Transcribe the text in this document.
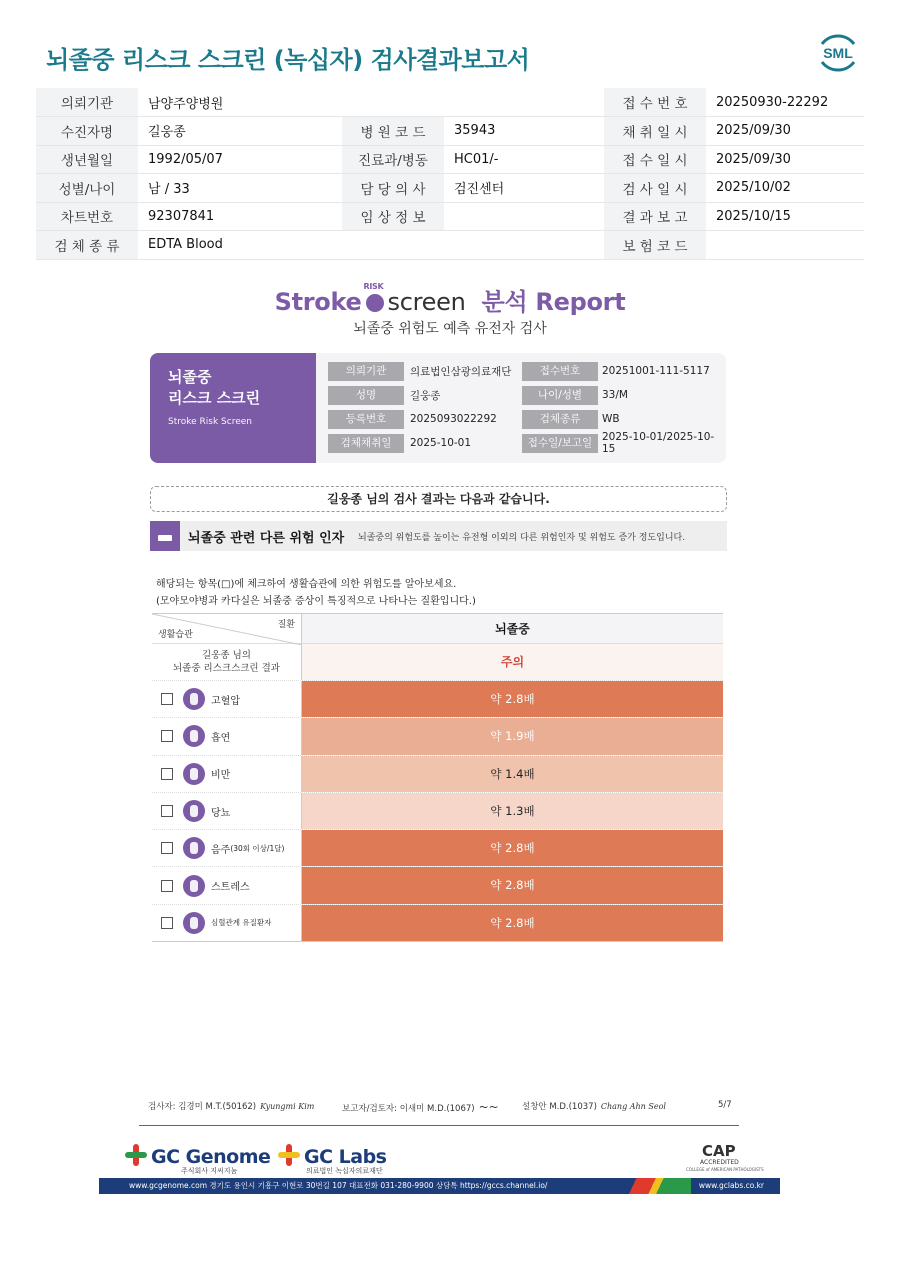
뇌졸중 리스크 스크린 (녹십자) 검사결과보고서	SML
의뢰기관	남양주양병원			접 수 번 호	20250930-22292
수진자명	길웅종	병 원 코 드	35943	채 취 일 시	2025/09/30
생년월일	1992/05/07	진료과/병동	HC01/-	접 수 일 시	2025/09/30
성별/나이	남 / 33	담 당 의 사	검진센터	검 사 일 시	2025/10/02
차트번호	92307841	임 상 정 보		결 과 보 고	2025/10/15
검 체 종 류	EDTA Blood			보 험 코 드	
Stroke
RISK
screen 분석 Report
뇌졸중 위험도 예측 유전자 검사
뇌졸중
리스크 스크린
Stroke Risk Screen
의뢰기관	의료법인삼광의료재단	접수번호	20251001-111-5117
성명	길웅종	나이/성별	33/M
등록번호	2025093022292	검체종류	WB
검체채취일	2025-10-01	접수일/보고일 2025-10-01/2025-10-15
길웅종 님의 검사 결과는 다음과 같습니다.
뇌졸중 관련 다른 위험 인자 뇌졸중의 위험도를 높이는 유전형 이외의 다른 위험인자 및 위험도 증가 정도입니다.
해당되는 항목(□)에 체크하여 생활습관에 의한 위험도를 알아보세요.
(모야모야병과 카다실은 뇌졸중 증상이 특징적으로 나타나는 질환입니다.)
질환
생활습관	뇌졸중
길웅종 님의
뇌졸중 리스크스크린 결과	주의
고혈압	약 2.8배
흡연	약 1.9배
비만	약 1.4배
당뇨	약 1.3배
음주 (30회 이상/1달)	약 2.8배
스트레스	약 2.8배
심혈관계 유질환자	약 2.8배
검사자: 김경미 M.T.(50162) Kyungmi Kim	보고자/검토자: 이새미 M.D.(1067) ~~	설창안 M.D.(1037) Chang Ahn Seol	5/7
GC Genome
주식회사 지씨지놈
GC Labs
의료법인 녹십자의료재단
CAP
ACCREDITED
COLLEGE of AMERICAN PATHOLOGISTS
www.gcgenome.com 경기도 용인시 기흥구 이현로 30번길 107 대표전화 031-280-9900 상담톡 https://gccs.channel.io/	www.gclabs.co.kr
